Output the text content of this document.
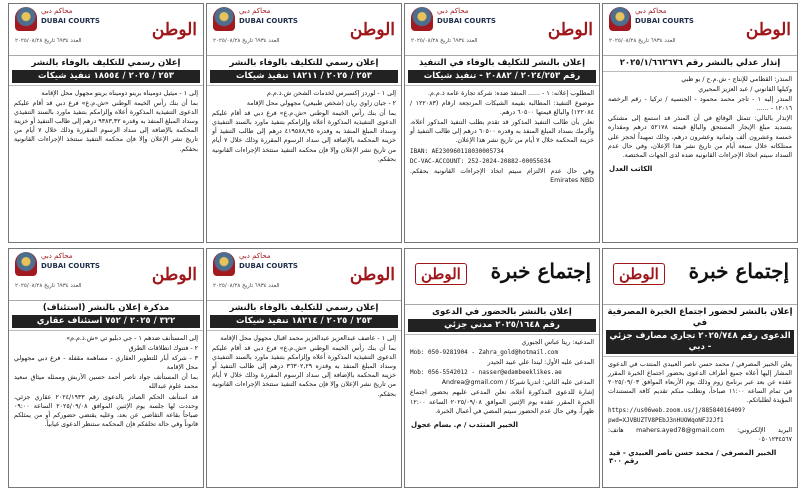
الوطن
محاكم دبي
DUBAI COURTS
العدد ٦٩٣٤ تاريخ ٢٠٢٥/٠٨/٢٨
إنذار عدلي بالنشر رقم ٢٠٢٥/١/٦٦٢٦٧٦

المنذر: القطامي للإنتاج - ش.م.ح / بو ظبي

وكيلها القانوني / عبد العزيز المحيري

المنذر إليه ١ - تاجر محمد محمود - الجنسية / تركيا - رقم الرخصة ١٢٠١٦ - ......

الإنذار بالتالي: تتمثل الوقائع في أن المنذر قد استمع إلى مشتكي بتسديد مبلغ الإيجار المستحق والبالغ قيمته ٥٢١٧٨ درهم ومقداره خمسة وعشرون ألف وثمانية وعشرون درهم، وذلك تمهيداً لحجز على ممتلكاته خلال سبعة أيام من تاريخ نشر هذا الإعلان، وفي حال عدم السداد سيتم اتخاذ الإجراءات القانونية ضده لدى الجهات المختصة.

الكاتب العدل
الوطن
محاكم دبي
DUBAI COURTS
العدد ٦٩٣٤ تاريخ ٢٠٢٥/٠٨/٢٨
إعلان بالنشر للتكليف بالوفاء في التنفيذ
رقم ٢٠٢٤/٢٥٣ / ٢٠٨٨٢ - تنفيذ شيكات

المطلوب إعلانه: ١ - ...... المنفذ ضده: شركة تجارة عامة ذ.م.م.

موضوع التنفيذ: المطالبة بقيمة الشيكات المرتجعة ارقام (١٢٢٠٨٣ / ١٢٢٠٨٤) والبالغ قيمتها ٦٠٥٠٠ درهم.

نعلن بأن طالب التنفيذ المذكور قد تقدم بطلب التنفيذ المذكور أعلاه، وألزمك بسداد المبلغ المنفذ به وقدره ٦٠٥٠٠ درهم إلى طالب التنفيذ أو خزينة المحكمة خلال ٧ أيام من تاريخ نشر هذا الإعلان.

IBAN: AE230960118030005734

DC-VAC-ACCOUNT: 252-2024-20882-00055634

وفي حال عدم الالتزام سيتم اتخاذ الإجراءات القانونية بحقكم. Emirates NBD

الوطن
محاكم دبي
DUBAI COURTS
العدد ٦٩٣٤ تاريخ ٢٠٢٥/٠٨/٢٨
إعلان رسمي للتكليف بالوفاء بالنشر
٢٥٣ / ٢٠٢٥ / ١٨٢١١ تنفيذ شيكات

إلى ١ - لوردز إكسبرس لخدمات الشحن ش.ذ.م.م

٢ - جيان زاوي ريان (شخص طبيعي) مجهولي محل الإقامة

بما أن بنك رأس الخيمة الوطني «ش.م.ع» فرع دبي قد أقام عليكم الدعوى التنفيذية المذكورة أعلاه وإلزامكم بتنفيذ ماورد بالسند التنفيذي وسداد المبلغ المنفذ به وقدره ٤١٩٥٨٨,٩٥ درهم إلى طالب التنفيذ أو خزينة المحكمة بالإضافة إلى سداد الرسوم المقررة وذلك خلال ٧ أيام من تاريخ نشر الإعلان وإلا فإن محكمة التنفيذ ستتخذ الإجراءات القانونية بحقكم.

الوطن
محاكم دبي
DUBAI COURTS
العدد ٦٩٣٤ تاريخ ٢٠٢٥/٠٨/٢٨
إعلان رسمي للتكليف بالوفاء بالنشر
٢٥٣ / ٢٠٢٥ / ١٨٥٥٤ تنفيذ شيكات

إلى ١ - ميثيل دوميناه برينو دوميناه بريتو مجهول محل الإقامة

بما أن بنك رأس الخيمة الوطني «ش.م.ع» فرع دبي قد أقام عليكم الدعوى التنفيذية المذكورة أعلاه وإلزامكم بتنفيذ ماورد بالسند التنفيذي وسداد المبلغ المنفذ به وقدره ٩٣٨٣,٣٢ درهم إلى طالب التنفيذ أو خزينة المحكمة بالإضافة إلى سداد الرسوم المقررة وذلك خلال ٧ أيام من تاريخ نشر الإعلان وإلا فإن محكمة التنفيذ ستتخذ الإجراءات القانونية بحقكم.

إجتماع خبرة
الوطن
إعلان بالنشر لحضور اجتماع الخبرة المصرفية في
الدعوى رقم ٢٠٢٥/٧٤٨ تجاري مصارف جزئي - دبي

يعلن الخبير المصرفي / محمد حسن ناصر العبيدي المنتدب في الدعوى المشار إليها أعلاه جميع أطراف الدعوى بحضور اجتماع الخبرة المقرر عقده عن بعد عبر برنامج زوم وذلك يوم الأربعاء الموافق ٢٠٢٥/٠٩/٠٣ في تمام الساعة ١١:٠٠ صباحاً، ونطلب منكم تقديم كافة المستندات المؤيدة لطلباتكم.

https://us06web.zoom.us/j/88584016409?pwd=XJVBUZTV8PEbJ3nHUOWqoNFJ2Jf1

البريد الإلكتروني: mahers.ayed78@gmail.com هاتف: ٠٥٠١٢٣٤٥٦٧

الخبير المصرفي / محمد حسن ناصر العبيدي - قيد رقم ٣٠٠
إجتماع خبرة
الوطن
إعلان بالنشر بالحضور في الدعوى
رقم ٢٠٢٥/١٦٤٨ مدني جزئي

المدعية: ريتا عباس الجبوري

Mob: 050-9281904 - Zahra_gold@hotmail.com

المدعى عليه الأول: ليندا علي عبيد الحيدر

Mob: 056-5542012 - nasser@edambeeklikes.ae

المدعى عليه الثاني: اندريا شيركا / Andrea@gmail.com

إشارة للدعوى المذكورة أعلاه، نعلن المدعى عليهم بحضور اجتماع الخبرة المقرر عقده يوم الإثنين الموافق ٢٠٢٥/٠٩/٠٨ الساعة ١٢:٠٠ ظهراً، وفي حال عدم الحضور سيتم المضي في أعمال الخبرة.

الخبير المنتدب / م. بسام عجول
الوطن
محاكم دبي
DUBAI COURTS
العدد ٦٩٣٤ تاريخ ٢٠٢٥/٠٨/٢٨
إعلان رسمي للتكليف بالوفاء بالنشر
٢٥٣ / ٢٠٢٥ / ١٨٢١٤ تنفيذ شيكات

إلى ١ - عاصف عبدالعزيز عبدالعزيز محمد اقبال مجهول محل الإقامة

بما أن بنك رأس الخيمة الوطني «ش.م.ع» فرع دبي قد أقام عليكم الدعوى التنفيذية المذكورة أعلاه وإلزامكم بتنفيذ ماورد بالسند التنفيذي وسداد المبلغ المنفذ به وقدره ٣٦٣٠٢,٢٩ درهم إلى طالب التنفيذ أو خزينة المحكمة بالإضافة إلى سداد الرسوم المقررة وذلك خلال ٧ أيام من تاريخ نشر الإعلان وإلا فإن محكمة التنفيذ ستتخذ الإجراءات القانونية بحقكم.

الوطن
محاكم دبي
DUBAI COURTS
العدد ٦٩٣٤ تاريخ ٢٠٢٥/٠٨/٢٨
مذكرة إعلان بالنشر (استئناف)
٣٢٢ / ٢٠٢٥ / ٧٥٢ استئناف عقاري

إلى المستأنف ضدهم ١ - جي دبليو تي «ش.ذ.م.م»

٢ - فتنوك انطلاقات الطرق

٣ - شركة أبار للتطوير العقاري - مساهمة مقفلة - فرع دبي مجهولي محل الإقامة

بما أن المستأنف جواد ناصر أحمد حسين الأربش وممثله ميثاق سعيد محمد علوم عبدالله

قد استأنف الحكم الصادر بالدعوى رقم ٢٠٢٤/١٩٣٣ عقاري جزئي، وحددت لها جلسة يوم الإثنين الموافق ٢٠٢٥/٠٩/٠٨ الساعة ٠٩:٠٠ صباحاً بقاعة التقاضي عن بعد، وعليه يقتضي حضوركم أو من يمثلكم قانوناً وفي حالة تخلفكم فإن المحكمة ستنظر الدعوى غيابياً.
